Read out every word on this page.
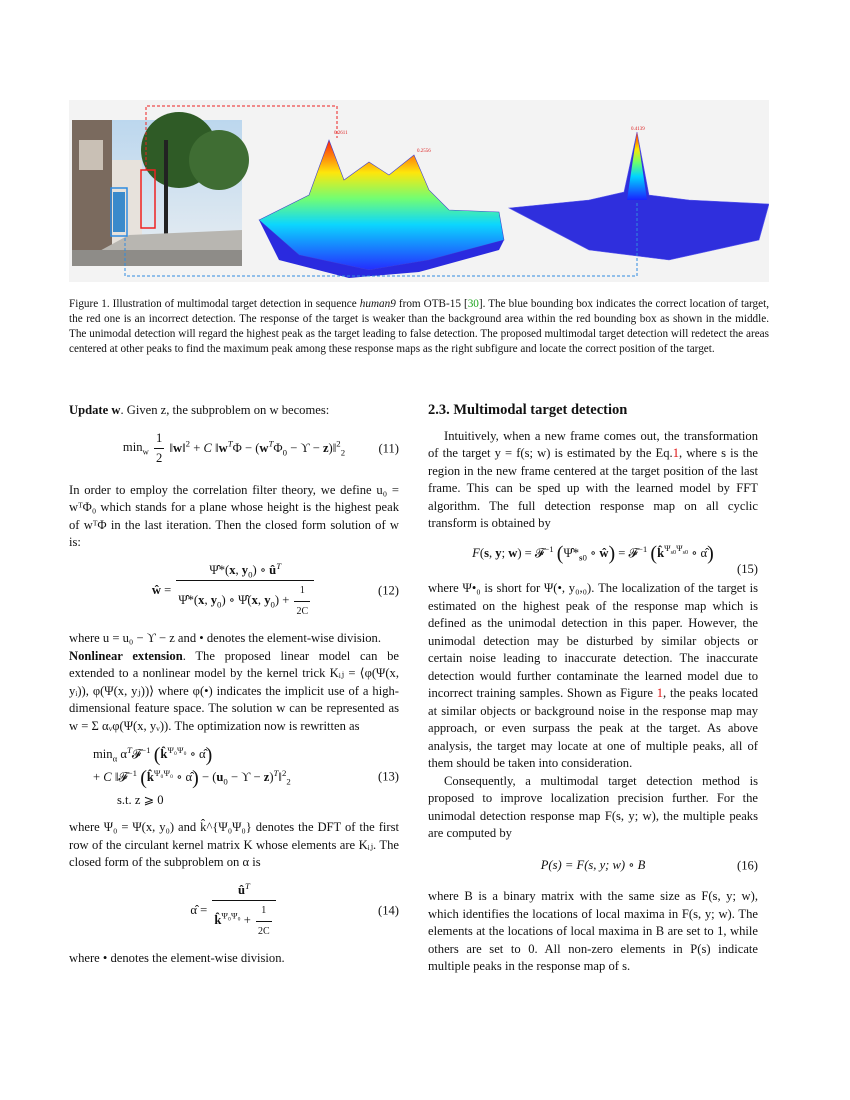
0.2611
0.2556
0.4139
Figure 1. Illustration of multimodal target detection in sequence human9 from OTB-15 [30]. The blue bounding box indicates the correct location of target, the red one is an incorrect detection. The response of the target is weaker than the background area within the red bounding box as shown in the middle. The unimodal detection will regard the highest peak as the target leading to false detection. The proposed multimodal target detection will redetect the areas centered at other peaks to find the maximum peak among these response maps as the right subfigure and locate the correct position of the target.

Update w. Given z, the subproblem on w becomes:

$\min_w \frac{1}{2}$ ‖w‖$^2$ + C $‖w^T\Phi - (w^T\Phi_0 - ϒ$ − z)‖$^2_2$	(11)

In order to employ the correlation filter theory, we define u₀ = wᵀΦ₀ which stands for a plane whose height is the highest peak of wᵀΦ in the last iteration. Then the closed form solution of w is:

ŵ = $\frac{\Psî*(x, y_0) \circ û^T}{\Psî*(x, y_0) \circ \Psî(x, y_0) + \frac{1}{2C}}$	(12)

where u = u₀ − ϒ − z and • denotes the element-wise division.

Nonlinear extension. The proposed linear model can be extended to a nonlinear model by the kernel trick Kᵢⱼ = ⟨φ(Ψ(x, yᵢ)), φ(Ψ(x, yⱼ))⟩ where φ(•) indicates the implicit use of a high-dimensional feature space. The solution w can be represented as w = Σ αᵥφ(Ψ(x, yᵥ)). The optimization now is rewritten as

$\min_\alpha$ $\alpha^T𝓕^{-1}$ (k̂$^{\Psi_0\Psi_0}$ ∘ α̂)
+ C ‖𝓕$^{-1}$ (k̂$^{\Psi_0\Psi_0}$ ∘ α̂) − ($u_0 - ϒ$ − $z)^T‖^2_2$
s.t. z ⩾ 0
(13)

where Ψ₀ = Ψ(x, y₀) and k̂^{Ψ₀Ψ₀} denotes the DFT of the first row of the circulant kernel matrix K whose elements are Kᵢⱼ. The closed form of the subproblem on α is

α̂ = $\frac{û^T}{k̂^{\Psi_0\Psi_0} + \frac{1}{2C}}$	(14)

where • denotes the element-wise division.

2.3. Multimodal target detection

Intuitively, when a new frame comes out, the transformation of the target y = f(s; w) is estimated by the Eq.1, where s is the region in the new frame centered at the target position of the last frame. This can be sped up with the learned model by FFT algorithm. The full detection response map on all cyclic transform is obtained by

F(s, y; w) = 𝓕$^{-1}$ ($\Psî*_{s0}$ ∘ ŵ) = 𝓕$^{-1}$ (k̂$^{\Psi_{s0}\Psi_{s0}}$ ∘ α̂)
(15)

where Ψ•₀ is short for Ψ(•, y₀,₀). The localization of the target is estimated on the highest peak of the response map which is defined as the unimodal detection in this paper. However, the unimodal detection may be disturbed by similar objects or certain noise leading to inaccurate detection. The inaccurate detection would further contaminate the learned model due to incorrect training samples. Shown as Figure 1, the peaks located at similar objects or background noise in the response map may approach, or even surpass the peak at the target. As above analysis, the target may locate at one of multiple peaks, all of them should be taken into consideration.

Consequently, a multimodal target detection method is proposed to improve localization precision further. For the unimodal detection response map F(s, y; w), the multiple peaks are computed by

P(s) = F(s, y; w) ∘ B	(16)

where B is a binary matrix with the same size as F(s, y; w), which identifies the locations of local maxima in F(s, y; w). The elements at the locations of local maxima in B are set to 1, while others are set to 0. All non-zero elements in P(s) indicate multiple peaks in the response map of s.
